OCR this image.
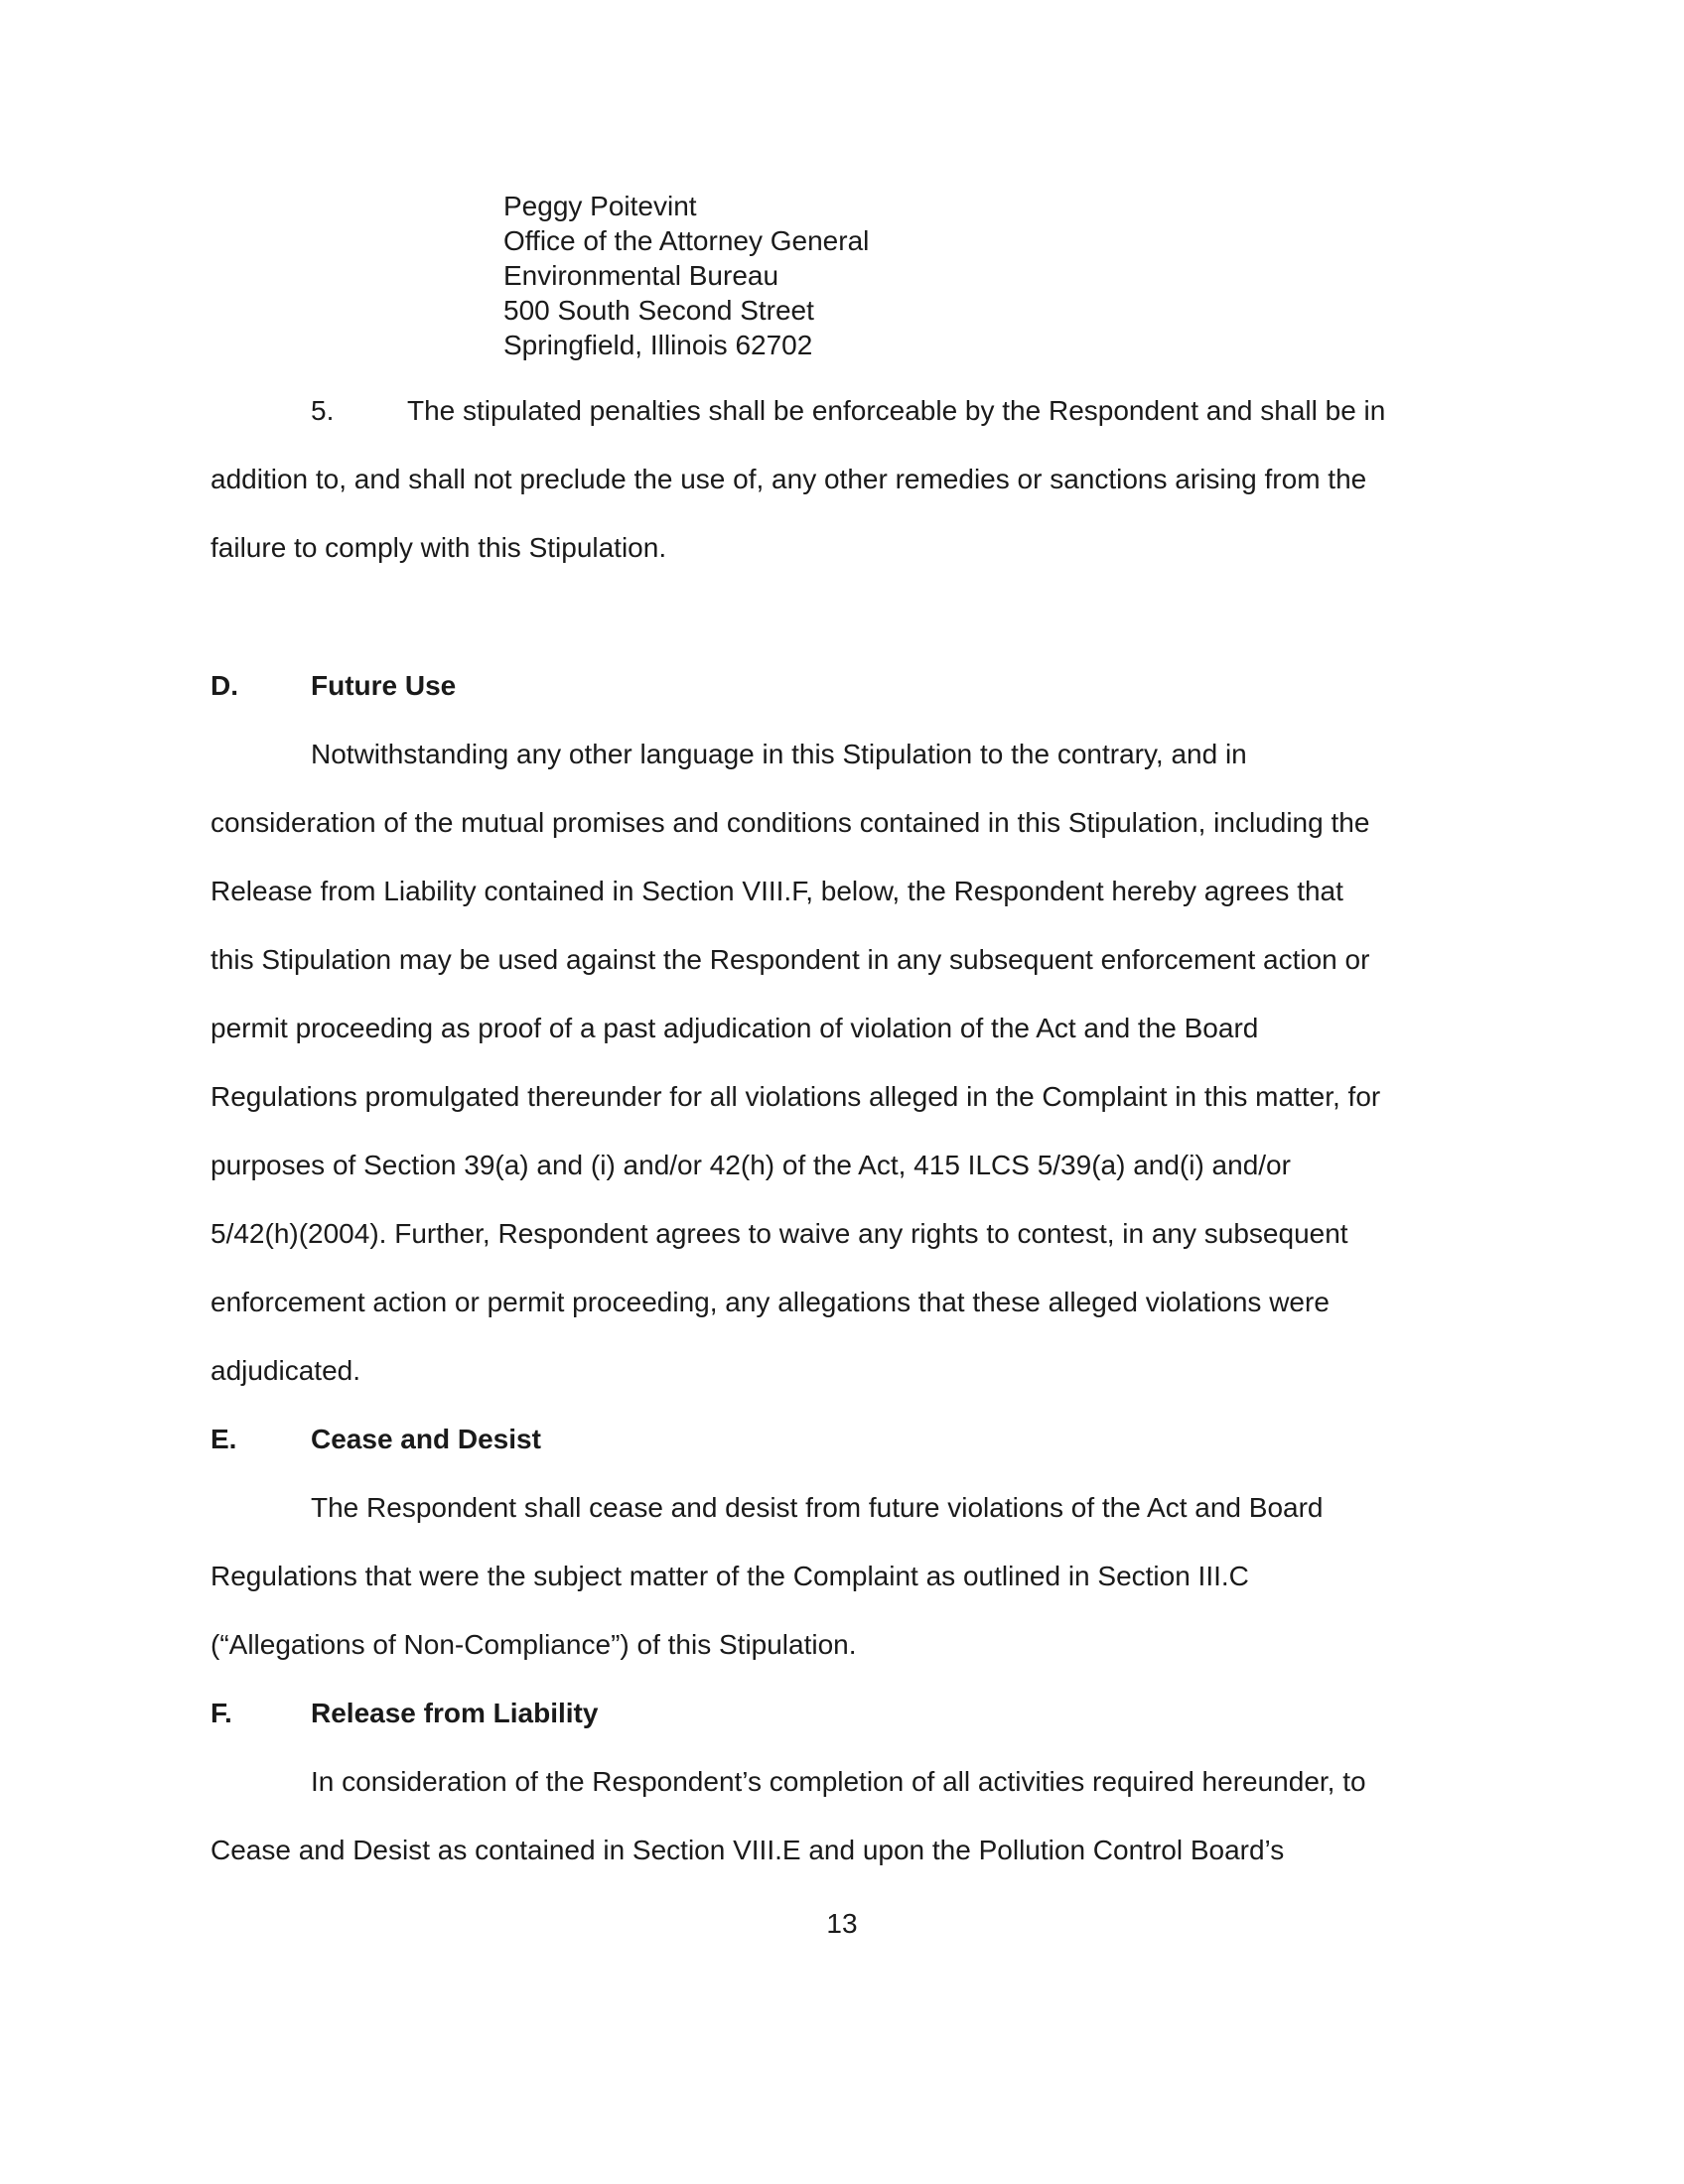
Peggy Poitevint
Office of the Attorney General
Environmental Bureau
500 South Second Street
Springfield, Illinois 62702
5.	The stipulated penalties shall be enforceable by the Respondent and shall be in
addition to, and shall not preclude the use of, any other remedies or sanctions arising from the
failure to comply with this Stipulation.
D.	Future Use
Notwithstanding any other language in this Stipulation to the contrary, and in
consideration of the mutual promises and conditions contained in this Stipulation, including the
Release from Liability contained in Section VIII.F, below, the Respondent hereby agrees that
this Stipulation may be used against the Respondent in any subsequent enforcement action or
permit proceeding as proof of a past adjudication of violation of the Act and the Board
Regulations promulgated thereunder for all violations alleged in the Complaint in this matter, for
purposes of Section 39(a) and (i) and/or 42(h) of the Act, 415 ILCS 5/39(a) and(i) and/or
5/42(h)(2004). Further, Respondent agrees to waive any rights to contest, in any subsequent
enforcement action or permit proceeding, any allegations that these alleged violations were
adjudicated.
E.	Cease and Desist
The Respondent shall cease and desist from future violations of the Act and Board
Regulations that were the subject matter of the Complaint as outlined in Section III.C
(“Allegations of Non-Compliance”) of this Stipulation.
F.	Release from Liability
In consideration of the Respondent’s completion of all activities required hereunder, to
Cease and Desist as contained in Section VIII.E and upon the Pollution Control Board’s
13
